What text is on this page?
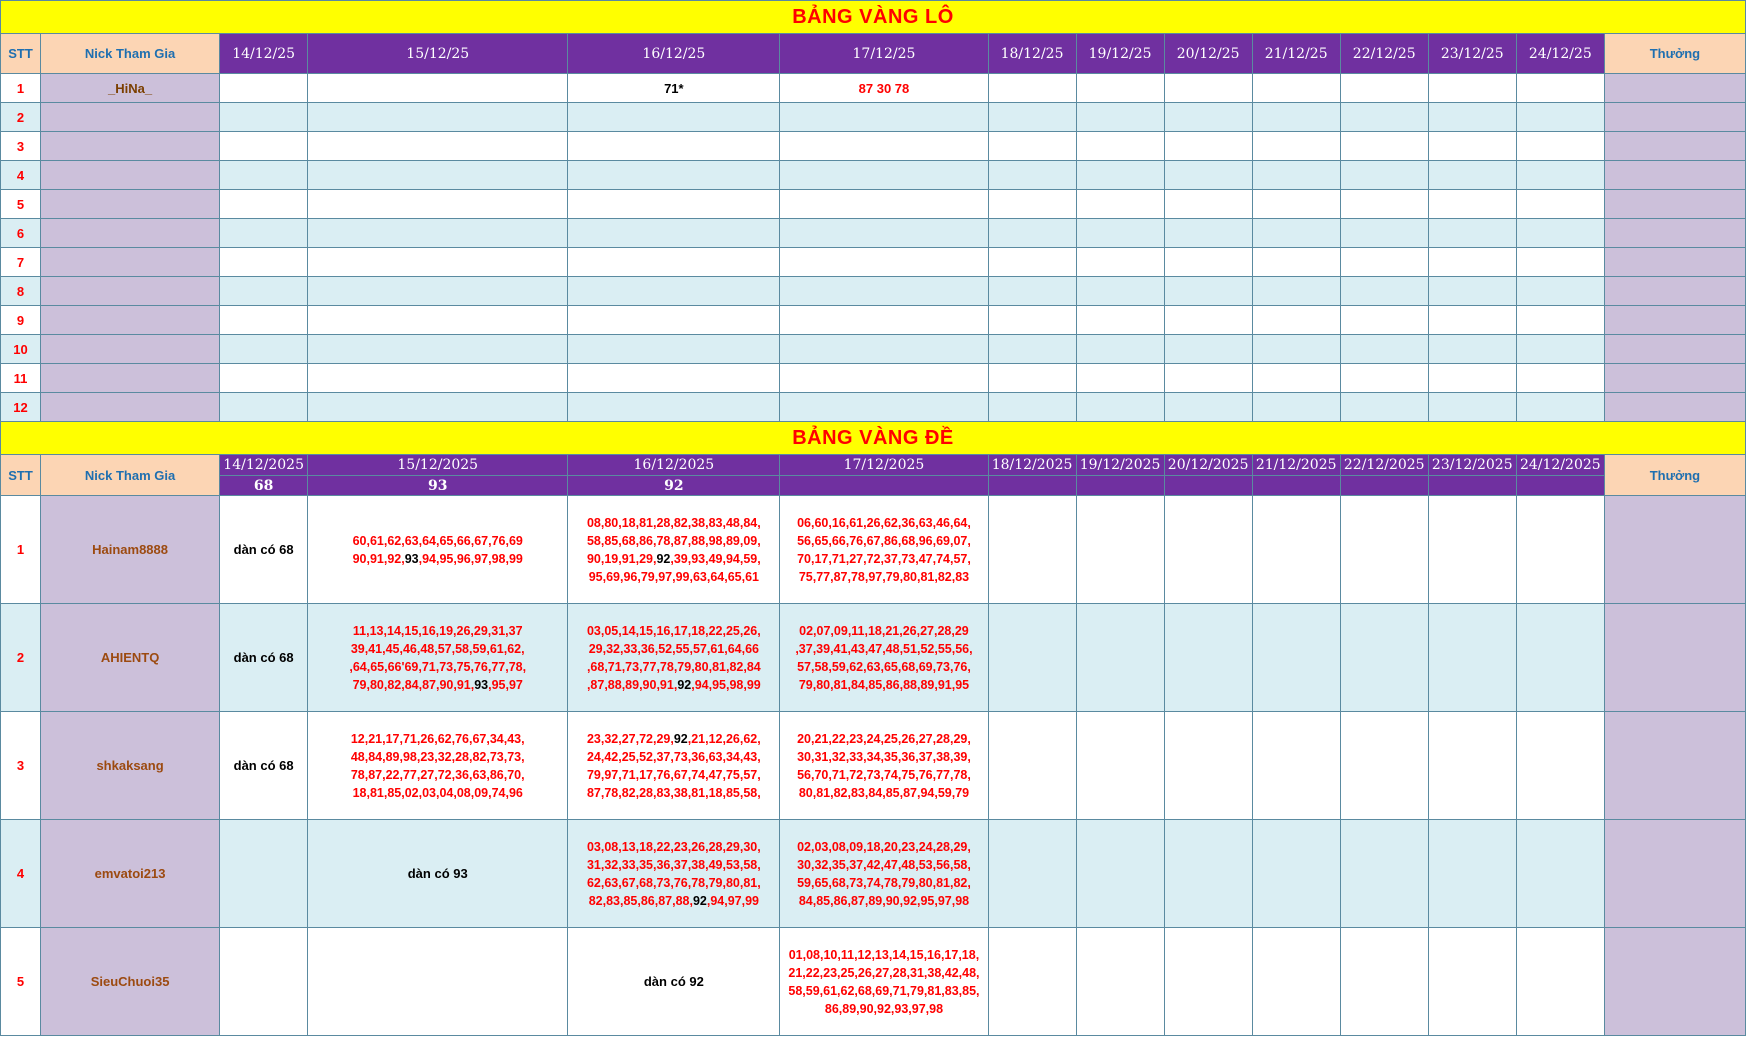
BẢNG VÀNG LÔ													
STT	Nick Tham Gia	14/12/25	15/12/25	16/12/25	17/12/25	18/12/25	19/12/25	20/12/25	21/12/25	22/12/25	23/12/25	24/12/25	Thưởng
1	_HiNa_			71*	87 30 78								
2													
3													
4													
5													
6													
7													
8													
9													
10													
11													
12													
BẢNG VÀNG ĐỀ													
STT	Nick Tham Gia	14/12/2025	15/12/2025	16/12/2025	17/12/2025	18/12/2025	19/12/2025	20/12/2025	21/12/2025	22/12/2025	23/12/2025	24/12/2025	Thưởng
		68	93	92									
1	Hainam8888	dàn có 68	60,61,62,63,64,65,66,67,76,69
90,91,92,93,94,95,96,97,98,99	08,80,18,81,28,82,38,83,48,84,
58,85,68,86,78,87,88,98,89,09,
90,19,91,29,92,39,93,49,94,59,
95,69,96,79,97,99,63,64,65,61	06,60,16,61,26,62,36,63,46,64,
56,65,66,76,67,86,68,96,69,07,
70,17,71,27,72,37,73,47,74,57,
75,77,87,78,97,79,80,81,82,83								
2	AHIENTQ	dàn có 68	11,13,14,15,16,19,26,29,31,37
39,41,45,46,48,57,58,59,61,62,
,64,65,66'69,71,73,75,76,77,78,
79,80,82,84,87,90,91,93,95,97	03,05,14,15,16,17,18,22,25,26,
29,32,33,36,52,55,57,61,64,66
,68,71,73,77,78,79,80,81,82,84
,87,88,89,90,91,92,94,95,98,99	02,07,09,11,18,21,26,27,28,29
,37,39,41,43,47,48,51,52,55,56,
57,58,59,62,63,65,68,69,73,76,
79,80,81,84,85,86,88,89,91,95								
3	shkaksang	dàn có 68	12,21,17,71,26,62,76,67,34,43,
48,84,89,98,23,32,28,82,73,73,
78,87,22,77,27,72,36,63,86,70,
18,81,85,02,03,04,08,09,74,96	23,32,27,72,29,92,21,12,26,62,
24,42,25,52,37,73,36,63,34,43,
79,97,71,17,76,67,74,47,75,57,
87,78,82,28,83,38,81,18,85,58,	20,21,22,23,24,25,26,27,28,29,
30,31,32,33,34,35,36,37,38,39,
56,70,71,72,73,74,75,76,77,78,
80,81,82,83,84,85,87,94,59,79								
4	emvatoi213		dàn có 93	03,08,13,18,22,23,26,28,29,30,
31,32,33,35,36,37,38,49,53,58,
62,63,67,68,73,76,78,79,80,81,
82,83,85,86,87,88,92,94,97,99	02,03,08,09,18,20,23,24,28,29,
30,32,35,37,42,47,48,53,56,58,
59,65,68,73,74,78,79,80,81,82,
84,85,86,87,89,90,92,95,97,98								
5	SieuChuoi35			dàn có 92	01,08,10,11,12,13,14,15,16,17,18,
21,22,23,25,26,27,28,31,38,42,48,
58,59,61,62,68,69,71,79,81,83,85,
86,89,90,92,93,97,98								
